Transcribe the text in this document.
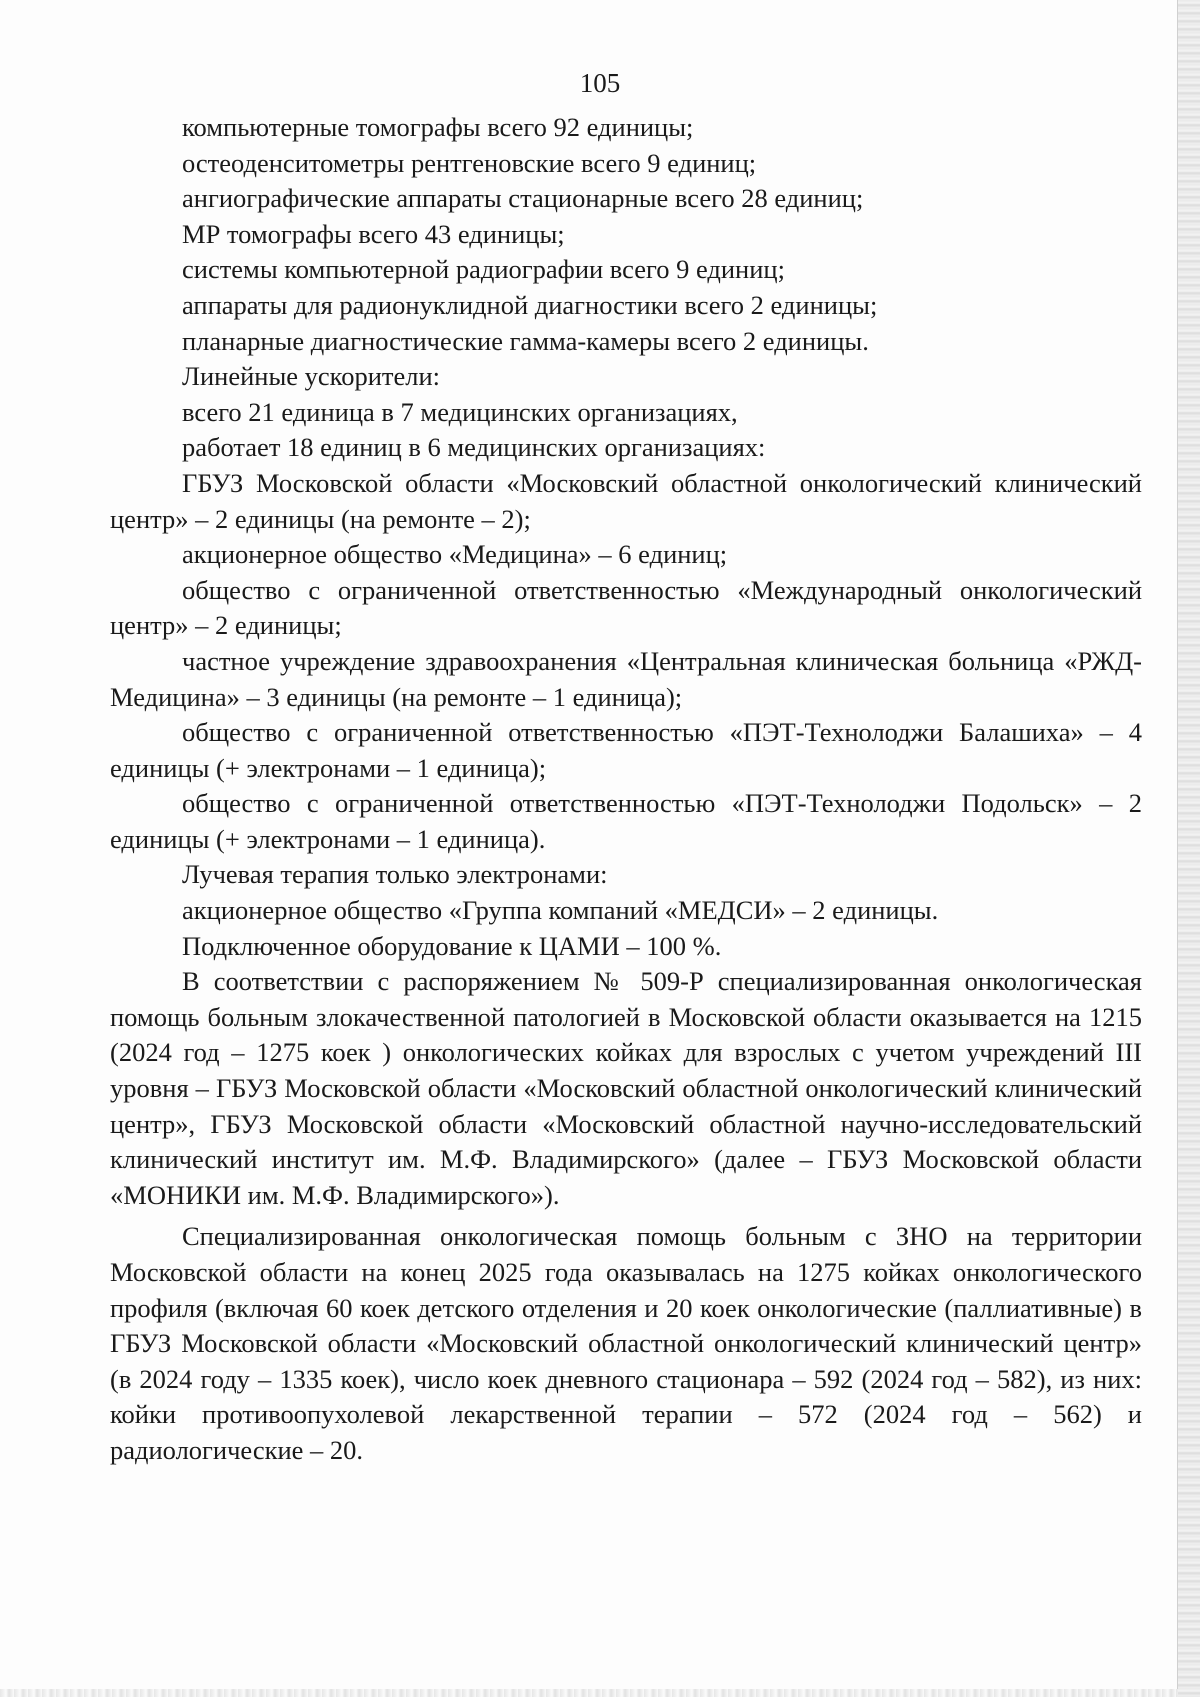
105

компьютерные томографы всего 92 единицы;

остеоденситометры рентгеновские всего 9 единиц;

ангиографические аппараты стационарные всего 28 единиц;

МР томографы всего 43 единицы;

системы компьютерной радиографии всего 9 единиц;

аппараты для радионуклидной диагностики всего 2 единицы;

планарные диагностические гамма-камеры всего 2 единицы.

Линейные ускорители:

всего 21 единица в 7 медицинских организациях,

работает 18 единиц в 6 медицинских организациях:

ГБУЗ Московской области «Московский областной онкологический клинический центр» – 2 единицы (на ремонте – 2);

акционерное общество «Медицина» – 6 единиц;

общество с ограниченной ответственностью «Международный онкологический центр» – 2 единицы;

частное учреждение здравоохранения «Центральная клиническая больница «РЖД-Медицина» – 3 единицы (на ремонте – 1 единица);

общество с ограниченной ответственностью «ПЭТ-Технолоджи Балашиха» – 4 единицы (+ электронами – 1 единица);

общество с ограниченной ответственностью «ПЭТ-Технолоджи Подольск» – 2 единицы (+ электронами – 1 единица).

Лучевая терапия только электронами:

акционерное общество «Группа компаний «МЕДСИ» – 2 единицы.

Подключенное оборудование к ЦАМИ – 100 %.

В соответствии с распоряжением № 509-Р специализированная онкологическая помощь больным злокачественной патологией в Московской области оказывается на 1215 (2024 год – 1275 коек ) онкологических койках для взрослых с учетом учреждений III уровня – ГБУЗ Московской области «Московский областной онкологический клинический центр», ГБУЗ Московской области «Московский областной научно-исследовательский клинический институт им. М.Ф. Владимирского» (далее – ГБУЗ Московской области «МОНИКИ им. М.Ф. Владимирского»).

Специализированная онкологическая помощь больным с ЗНО на территории Московской области на конец 2025 года оказывалась на 1275 койках онкологического профиля (включая 60 коек детского отделения и 20 коек онкологические (паллиативные) в ГБУЗ Московской области «Московский областной онкологический клинический центр» (в 2024 году – 1335 коек), число коек дневного стационара – 592 (2024 год – 582), из них: койки противоопухолевой лекарственной терапии – 572 (2024 год – 562) и радиологические – 20.
